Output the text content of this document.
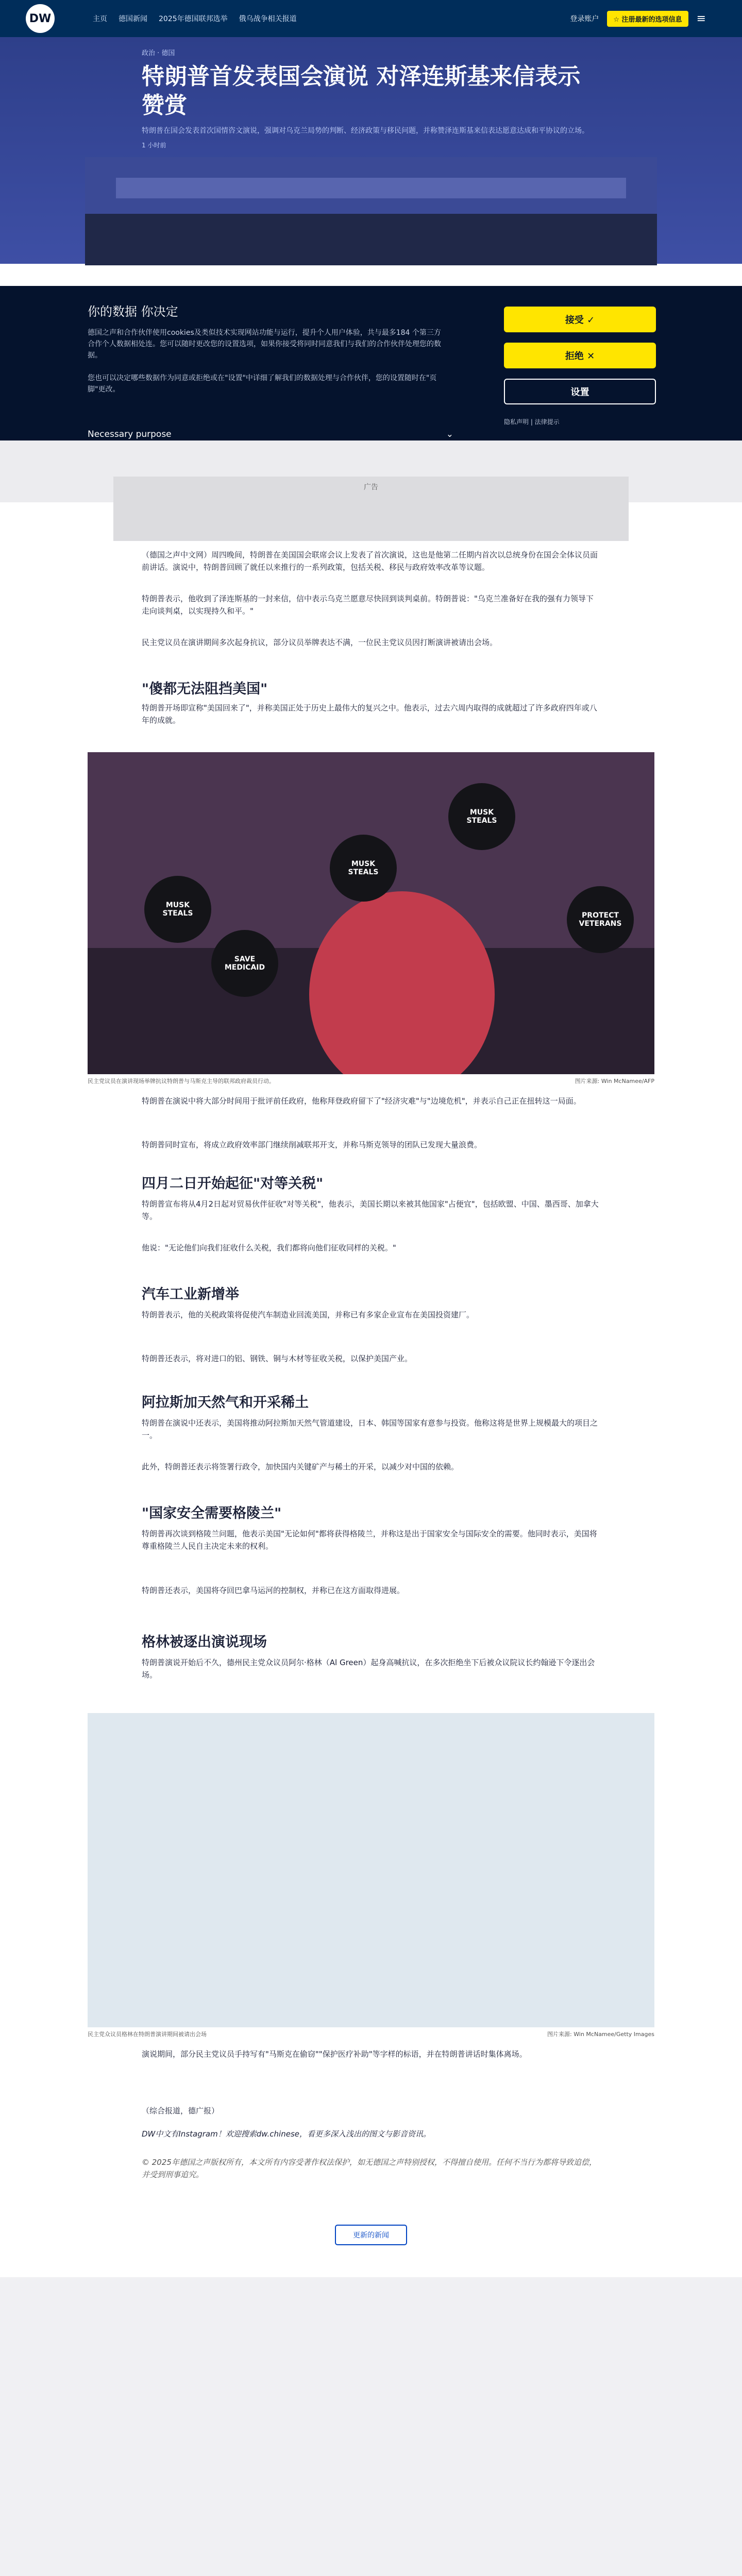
DW	主页 德国新闻 2025年德国联邦选举 俄乌战争相关报道	登录账户	☆ 注册最新的选项信息	≡
政治 · 德国
特朗普首发表国会演说 对泽连斯基来信表示赞赏

特朗普在国会发表首次国情咨文演说，强调对乌克兰局势的判断、经济政策与移民问题，并称赞泽连斯基来信表达愿意达成和平协议的立场。

1 小时前
你的数据 你决定

德国之声和合作伙伴使用cookies及类似技术实现网站功能与运行，提升个人用户体验，共与最多184 个第三方合作个人数据相处连。您可以随时更改您的设置选项，如果你接受将同时同意我们与我们的合作伙伴处理您的数据。

您也可以决定哪些数据作为同意或拒绝或在"设置"中详细了解我们的数据处理与合作伙伴，您的设置随时在"页脚"更改。

Necessary purpose	⌄
接受 ✓
拒绝 ✕
设置
隐私声明 | 法律提示
广告

（德国之声中文网）周四晚间，特朗普在美国国会联席会议上发表了首次演说，这也是他第二任期内首次以总统身份在国会全体议员面前讲话。演说中，特朗普回顾了就任以来推行的一系列政策，包括关税、移民与政府效率改革等议题。

特朗普表示，他收到了泽连斯基的一封来信，信中表示乌克兰愿意尽快回到谈判桌前。特朗普说："乌克兰准备好在我的强有力领导下走向谈判桌，以实现持久和平。"

民主党议员在演讲期间多次起身抗议，部分议员举牌表达不满，一位民主党议员因打断演讲被请出会场。

"傻都无法阻挡美国"

特朗普开场即宣称"美国回来了"，并称美国正处于历史上最伟大的复兴之中。他表示，过去六周内取得的成就超过了许多政府四年或八年的成就。

MUSK
STEALS
SAVE
MEDICAID
MUSK
STEALS
MUSK
STEALS
PROTECT
VETERANS
民主党议员在演讲现场举牌抗议特朗普与马斯克主导的联邦政府裁员行动。	图片来源: Win McNamee/AFP

特朗普在演说中将大部分时间用于批评前任政府，他称拜登政府留下了"经济灾难"与"边境危机"，并表示自己正在扭转这一局面。

特朗普同时宣布，将成立政府效率部门继续削减联邦开支，并称马斯克领导的团队已发现大量浪费。

四月二日开始起征"对等关税"

特朗普宣布将从4月2日起对贸易伙伴征收"对等关税"，他表示，美国长期以来被其他国家"占便宜"，包括欧盟、中国、墨西哥、加拿大等。

他说："无论他们向我们征收什么关税，我们都将向他们征收同样的关税。"

汽车工业新增举

特朗普表示，他的关税政策将促使汽车制造业回流美国，并称已有多家企业宣布在美国投资建厂。

特朗普还表示，将对进口的铝、钢铁、铜与木材等征收关税，以保护美国产业。

阿拉斯加天然气和开采稀土

特朗普在演说中还表示，美国将推动阿拉斯加天然气管道建设，日本、韩国等国家有意参与投资。他称这将是世界上规模最大的项目之一。

此外，特朗普还表示将签署行政令，加快国内关键矿产与稀土的开采，以减少对中国的依赖。

"国家安全需要格陵兰"

特朗普再次谈到格陵兰问题，他表示美国"无论如何"都将获得格陵兰，并称这是出于国家安全与国际安全的需要。他同时表示，美国将尊重格陵兰人民自主决定未来的权利。

特朗普还表示，美国将夺回巴拿马运河的控制权，并称已在这方面取得进展。

格林被逐出演说现场

特朗普演说开始后不久，德州民主党众议员阿尔·格林（Al Green）起身高喊抗议，在多次拒绝坐下后被众议院议长约翰逊下令逐出会场。

民主党众议员格林在特朗普演讲期间被请出会场	图片来源: Win McNamee/Getty Images

演说期间，部分民主党议员手持写有"马斯克在偷窃""保护医疗补助"等字样的标语，并在特朗普讲话时集体离场。

（综合报道，德广报）

DW中文有Instagram！欢迎搜索dw.chinese，看更多深入浅出的图文与影音资讯。

© 2025年德国之声版权所有，本文所有内容受著作权法保护，如无德国之声特别授权，不得擅自使用。任何不当行为都将导致追偿，并受到刑事追究。

更新的新闻
